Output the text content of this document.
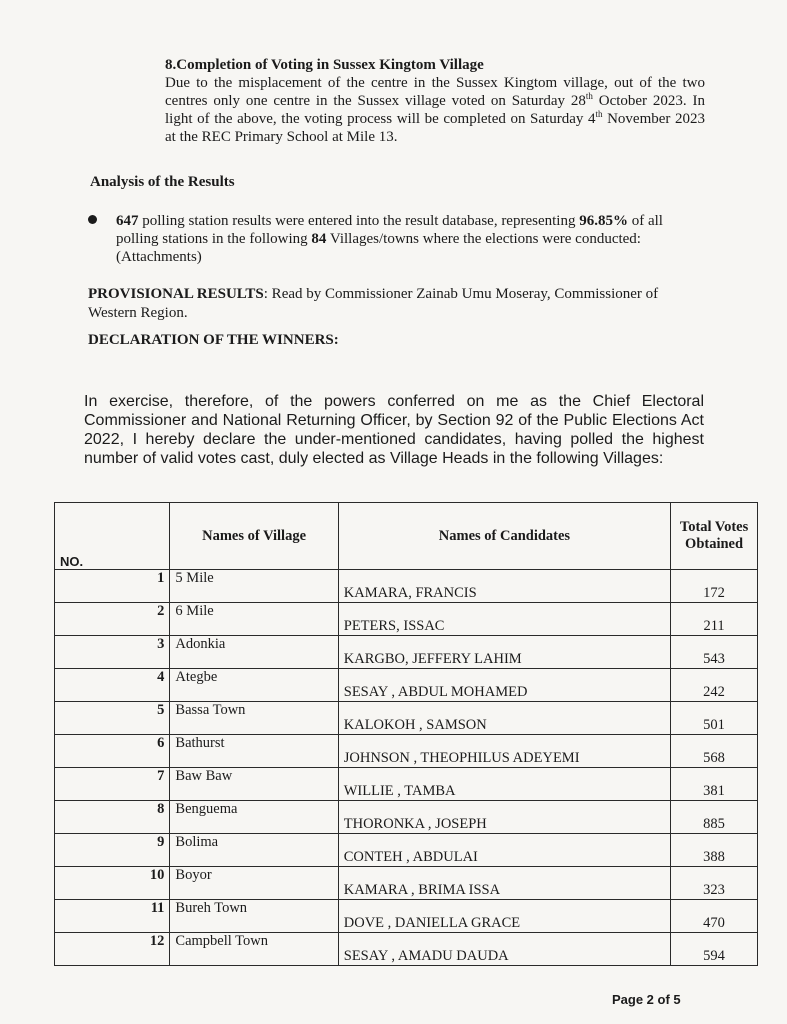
8.Completion of Voting in Sussex Kingtom Village

Due to the misplacement of the centre in the Sussex Kingtom village, out of the two centres only one centre in the Sussex village voted on Saturday 28th October 2023. In light of the above, the voting process will be completed on Saturday 4th November 2023 at the REC Primary School at Mile 13.

Analysis of the Results

647 polling station results were entered into the result database, representing 96.85% of all polling stations in the following 84 Villages/towns where the elections were conducted: (Attachments)

PROVISIONAL RESULTS: Read by Commissioner Zainab Umu Moseray, Commissioner of Western Region.

DECLARATION OF THE WINNERS:

In exercise, therefore, of the powers conferred on me as the Chief Electoral Commissioner and National Returning Officer, by Section 92 of the Public Elections Act 2022, I hereby declare the under-mentioned candidates, having polled the highest number of valid votes cast, duly elected as Village Heads in the following Villages:

NO.	Names of Village	Names of Candidates	Total Votes Obtained
1	5 Mile	KAMARA, FRANCIS	172
2	6 Mile	PETERS, ISSAC	211
3	Adonkia	KARGBO, JEFFERY LAHIM	543
4	Ategbe	SESAY , ABDUL MOHAMED	242
5	Bassa Town	KALOKOH , SAMSON	501
6	Bathurst	JOHNSON , THEOPHILUS ADEYEMI	568
7	Baw Baw	WILLIE , TAMBA	381
8	Benguema	THORONKA , JOSEPH	885
9	Bolima	CONTEH , ABDULAI	388
10	Boyor	KAMARA , BRIMA ISSA	323
11	Bureh Town	DOVE , DANIELLA GRACE	470
12	Campbell Town	SESAY , AMADU DAUDA	594
Page 2 of 5
